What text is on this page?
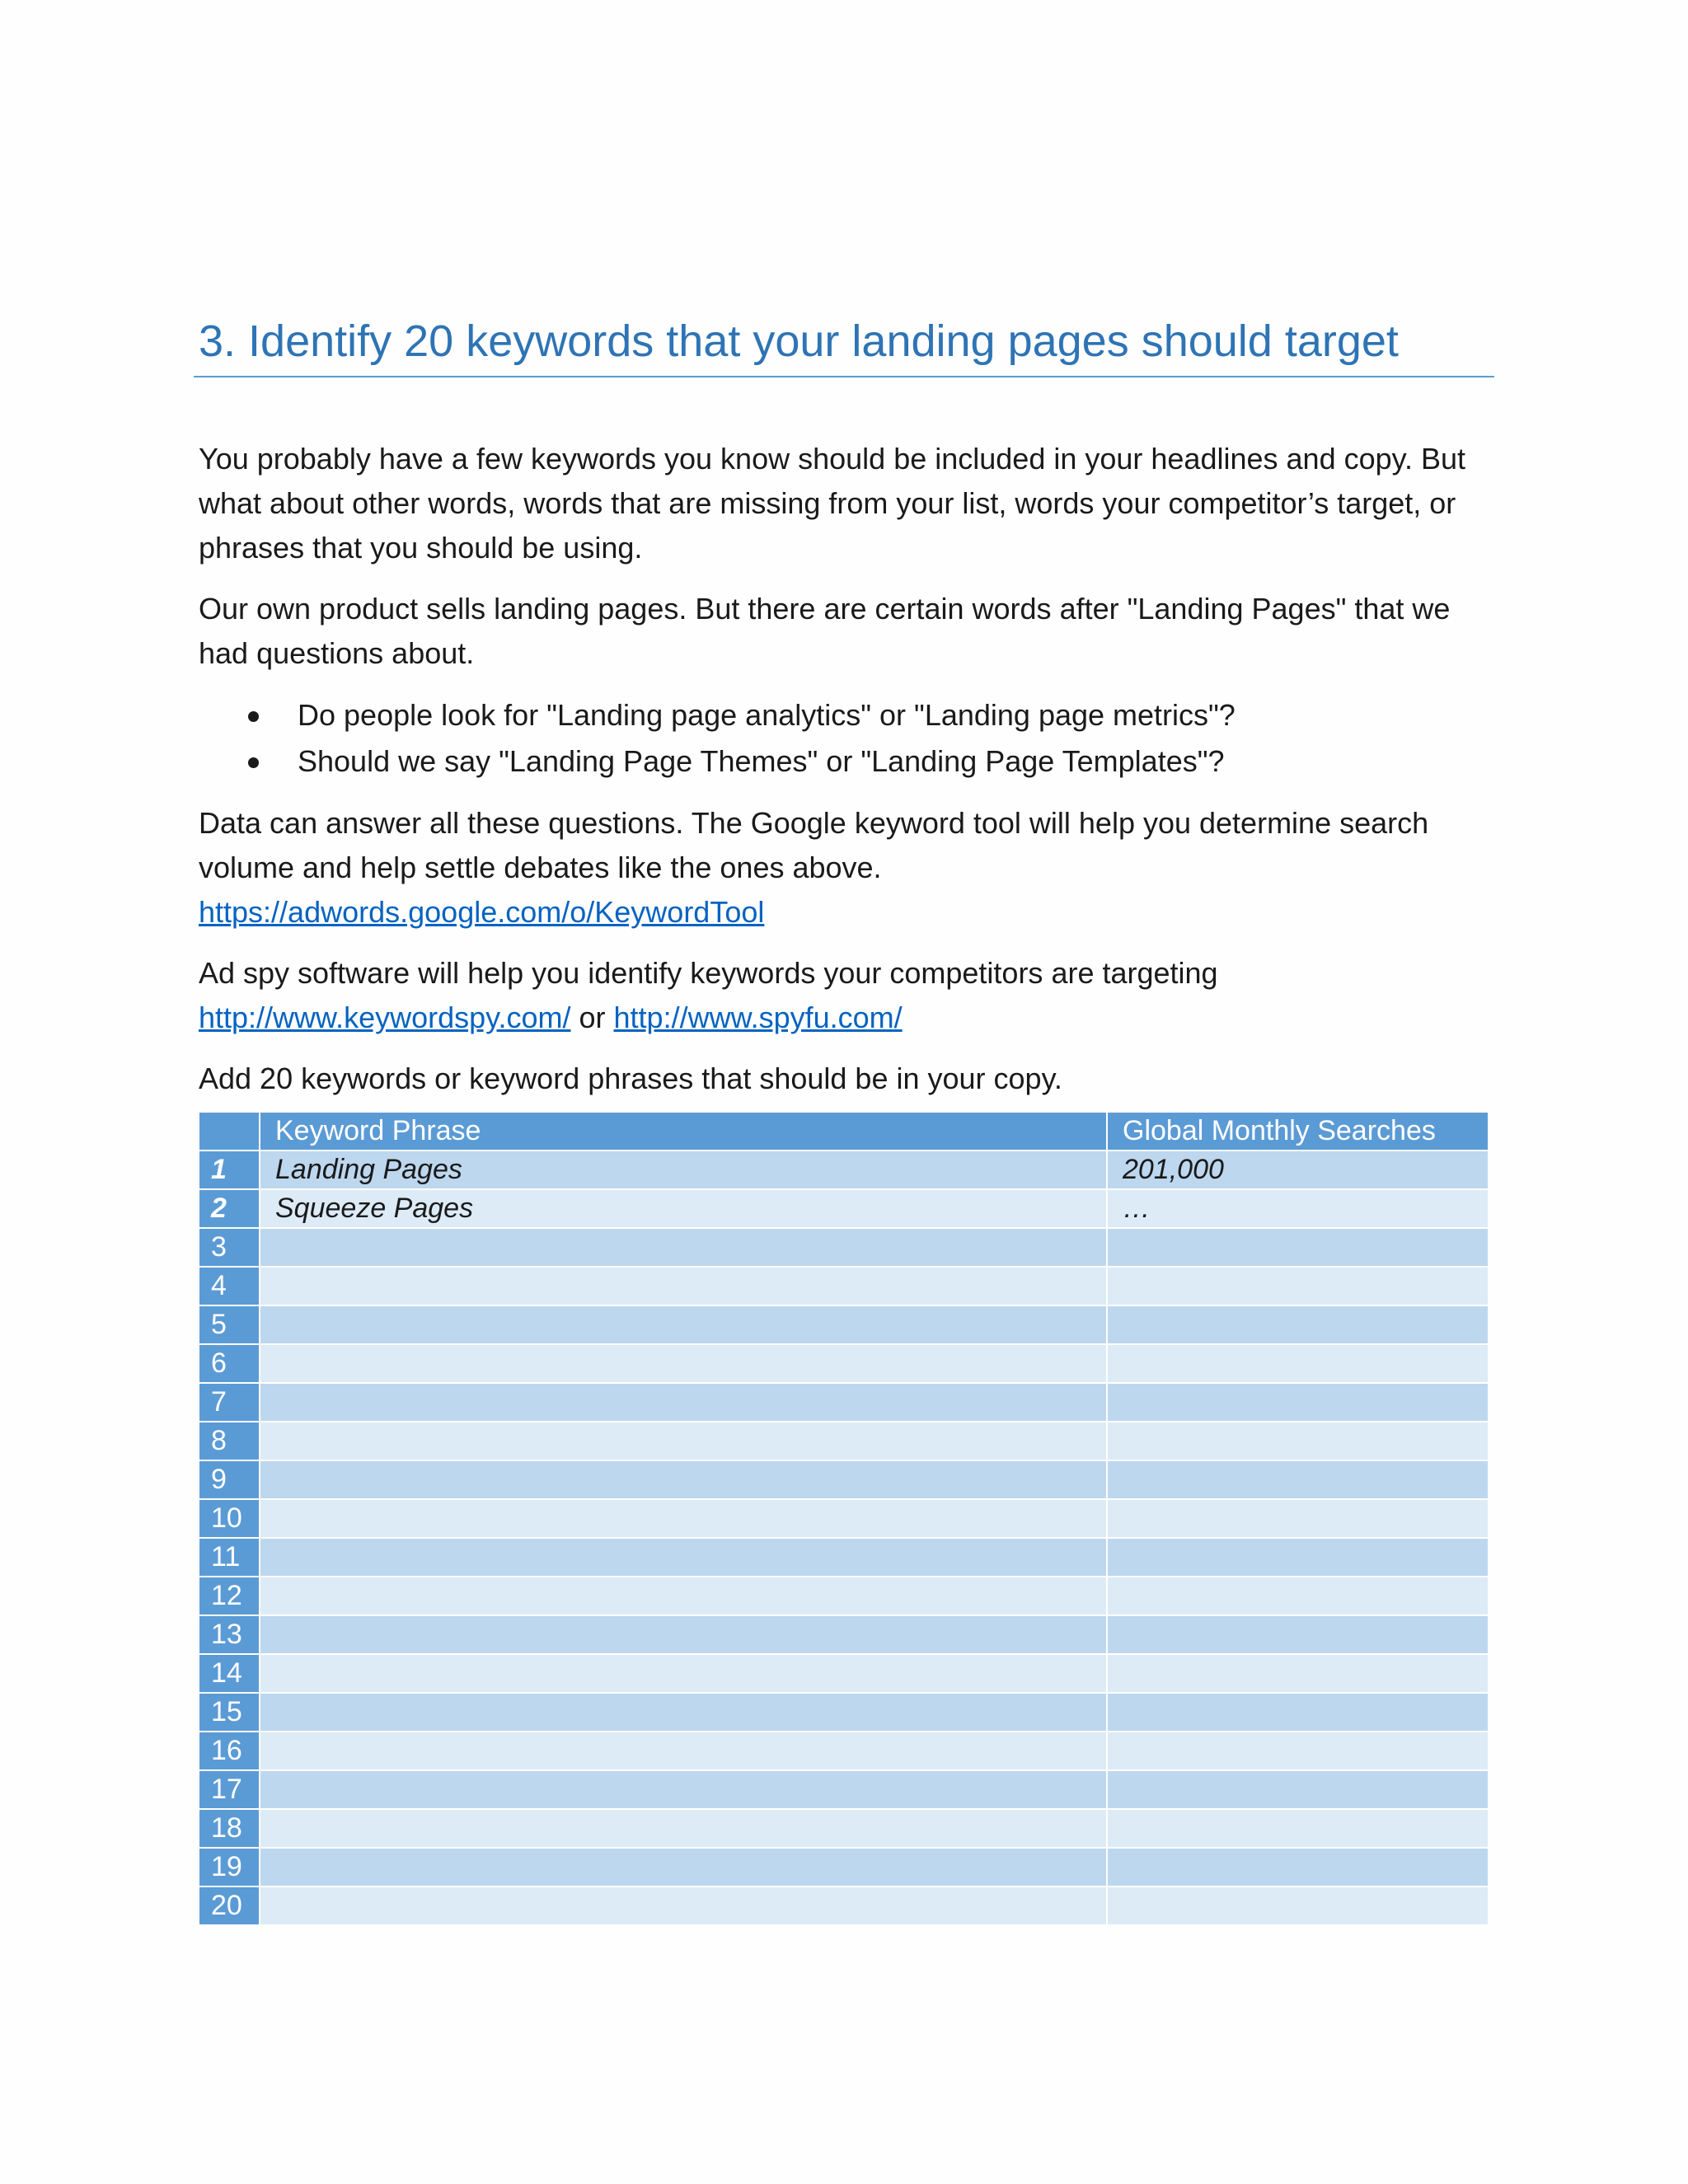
3. Identify 20 keywords that your landing pages should target

You probably have a few keywords you know should be included in your headlines and copy. But what about other words, words that are missing from your list, words your competitor’s target, or phrases that you should be using.

Our own product sells landing pages. But there are certain words after "Landing Pages" that we had questions about.

Do people look for "Landing page analytics" or "Landing page metrics"?
Should we say "Landing Page Themes" or "Landing Page Templates"?

Data can answer all these questions. The Google keyword tool will help you determine search volume and help settle debates like the ones above.
https://adwords.google.com/o/KeywordTool

Ad spy software will help you identify keywords your competitors are targeting
http://www.keywordspy.com/ or http://www.spyfu.com/

Add 20 keywords or keyword phrases that should be in your copy.

	Keyword Phrase	Global Monthly Searches
1	Landing Pages	201,000
2	Squeeze Pages	…
3		
4		
5		
6		
7		
8		
9		
10		
11		
12		
13		
14		
15		
16		
17		
18		
19		
20		
